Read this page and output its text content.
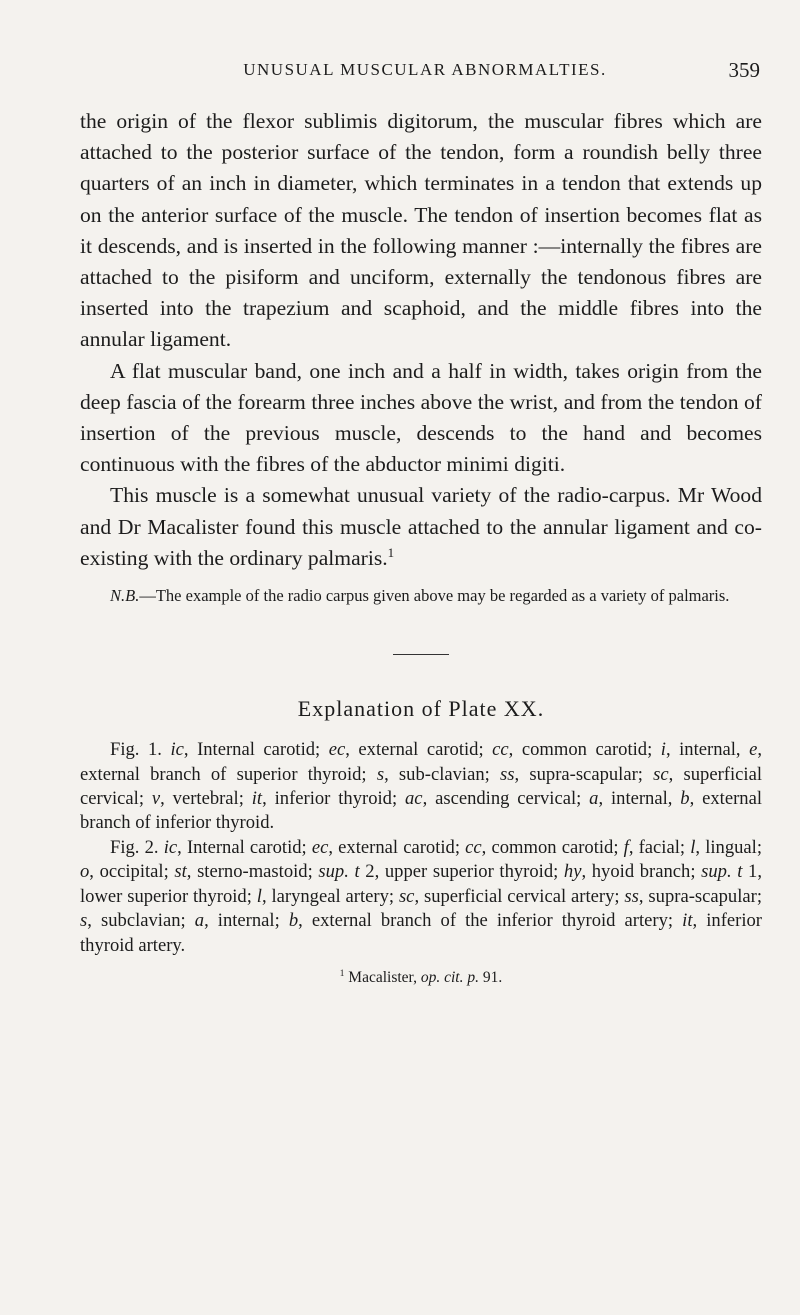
UNUSUAL MUSCULAR ABNORMALTIES.	359

the origin of the flexor sublimis digitorum, the muscular fibres which are attached to the posterior surface of the tendon, form a roundish belly three quarters of an inch in diameter, which terminates in a tendon that extends up on the anterior surface of the muscle. The tendon of insertion becomes flat as it descends, and is inserted in the following manner :—internally the fibres are attached to the pisiform and unciform, externally the tendonous fibres are inserted into the trapezium and scaphoid, and the middle fibres into the annular ligament.

A flat muscular band, one inch and a half in width, takes origin from the deep fascia of the forearm three inches above the wrist, and from the tendon of insertion of the previous muscle, descends to the hand and becomes continuous with the fibres of the abductor minimi digiti.

This muscle is a somewhat unusual variety of the radio-carpus. Mr Wood and Dr Macalister found this muscle attached to the annular ligament and co-existing with the ordinary palmaris.$^1$

N.B.—The example of the radio carpus given above may be regarded as a variety of palmaris.

Explanation of Plate XX.

Fig. 1. ic, Internal carotid; ec, external carotid; cc, common carotid; i, internal, e, external branch of superior thyroid; s, sub-clavian; ss, supra-scapular; sc, superficial cervical; v, vertebral; it, inferior thyroid; ac, ascending cervical; a, internal, b, external branch of inferior thyroid.

Fig. 2. ic, Internal carotid; ec, external carotid; cc, common carotid; f, facial; l, lingual; o, occipital; st, sterno-mastoid; sup. t 2, upper superior thyroid; hy, hyoid branch; sup. t 1, lower superior thyroid; l, laryngeal artery; sc, superficial cervical artery; ss, supra-scapular; s, subclavian; a, internal; b, external branch of the inferior thyroid artery; it, inferior thyroid artery.

$^1$ Macalister, op. cit. p. 91.
